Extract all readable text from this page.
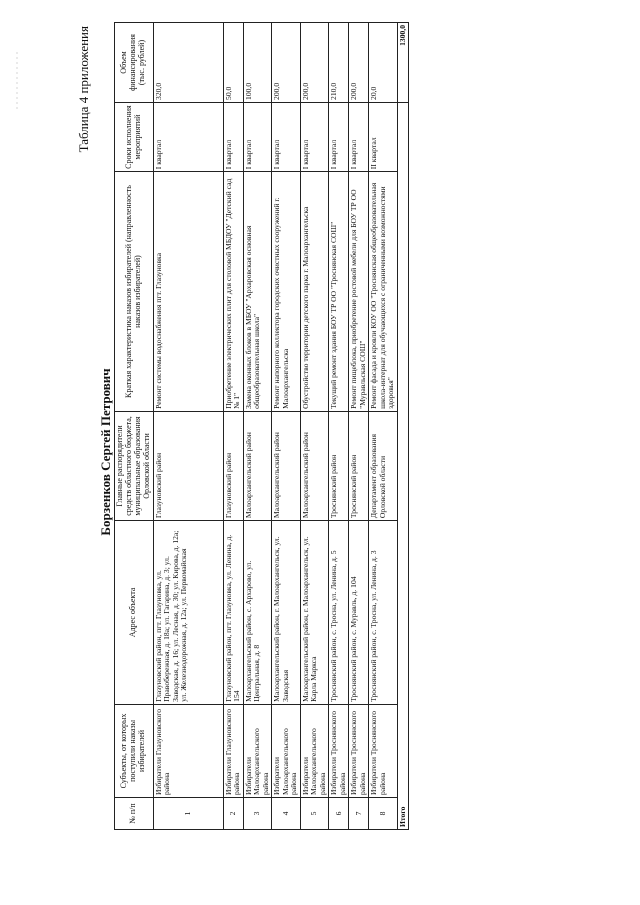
Таблица 4 приложения
Борзенков Сергей Петрович
№ п/п	Субъекты, от которых поступили наказы избирателей	Адрес объекта	Главные распорядители средств областного бюджета, муниципальные образования Орловской области	Краткая характеристика наказов избирателей (направленность наказов избирателей)	Сроки исполнения мероприятий	Объем финансирования (тыс. рублей)
1	Избиратели Глазуновского района	Глазуновский район, пгт. Глазуновка, ул. Правобережная, д. 18а; ул. Гагарина, д. 3; ул. Заводская, д. 16; ул. Лесная, д. 30; ул. Кирова, д. 12а; ул. Железнодорожная, д. 12а; ул. Первомайская	Глазуновский район	Ремонт системы водоснабжения пгт. Глазуновка	I квартал	320,0
2	Избиратели Глазуновского района	Глазуновский район, пгт. Глазуновка, ул. Ленина, д. 154	Глазуновский район	Приобретение электрических плит для столовой МБДОУ "Детский сад № 1"	I квартал	50,0
3	Избиратели Малоархангельского района	Малоархангельский район, с. Архарово, ул. Центральная, д. 8	Малоархангельский район	Замена оконных блоков в МБОУ "Архаровская основная общеобразовательная школа"	I квартал	100,0
4	Избиратели Малоархангельского района	Малоархангельский район, г. Малоархангельск, ул. Заводская	Малоархангельский район	Ремонт напорного коллектора городских очистных сооружений г. Малоархангельска	I квартал	200,0
5	Избиратели Малоархангельского района	Малоархангельский район, г. Малоархангельск, ул. Карла Маркса	Малоархангельский район	Обустройство территории детского парка г. Малоархангельска	I квартал	200,0
6	Избиратели Троснянского района	Троснянский район, с. Тросна, ул. Ленина, д. 5	Троснянский район	Текущий ремонт здания БОУ ТР ОО "Троснянская СОШ"	I квартал	210,0
7	Избиратели Троснянского района	Троснянский район, с. Муравль, д. 104	Троснянский район	Ремонт пищеблока, приобретение ростовой мебели для БОУ ТР ОО "Муравльская СОШ"	I квартал	200,0
8	Избиратели Троснянского района	Троснянский район, с. Тросна, ул. Ленина, д. 3	Департамент образования Орловской области	Ремонт фасада и кровли КОУ ОО "Троснянская общеобразовательная школа-интернат для обучающихся с ограниченными возможностями здоровья"	II квартал	20,0
Итого						1300,0
